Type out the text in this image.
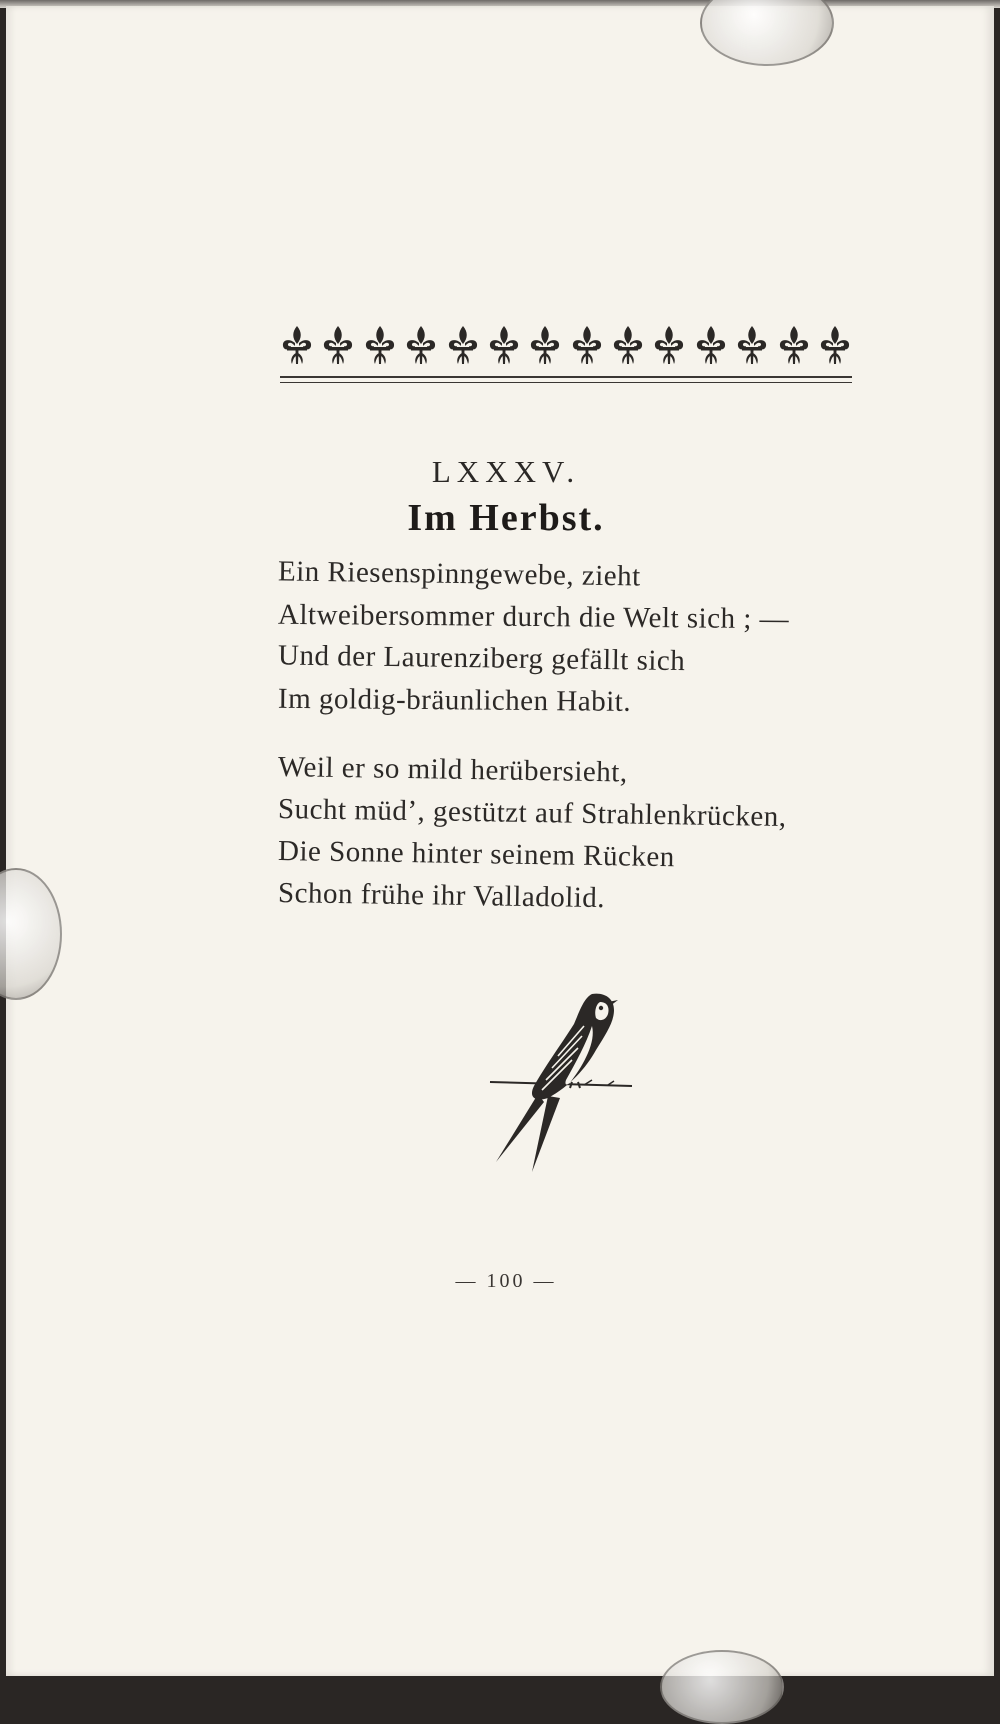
LXXXV.
Im Herbst.
Ein Riesenspinngewebe, zieht
Altweibersommer durch die Welt sich ; —
Und der Laurenziberg gefällt sich
Im goldig-bräunlichen Habit.
Weil er so mild herübersieht,
Sucht müd’, gestützt auf Strahlenkrücken,
Die Sonne hinter seinem Rücken
Schon frühe ihr Valladolid.
— 100 —
